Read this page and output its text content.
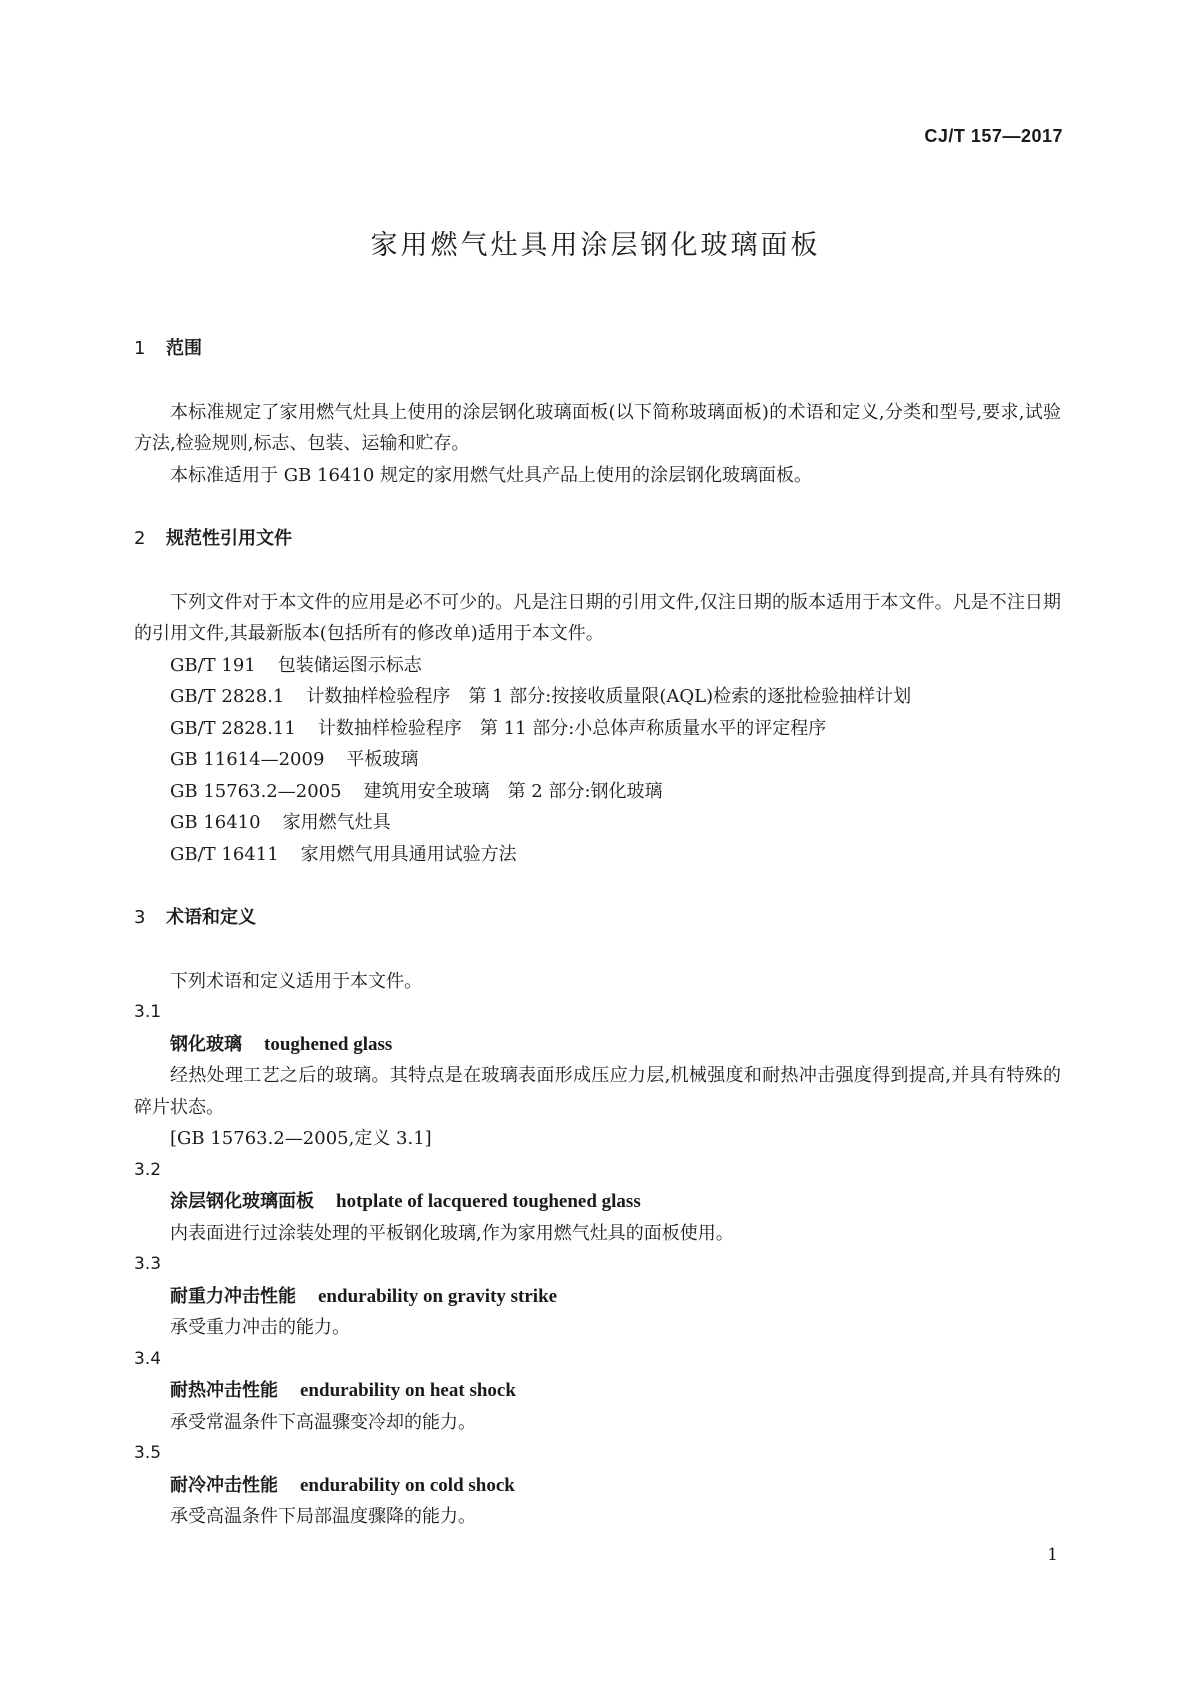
CJ/T 157—2017
家用燃气灶具用涂层钢化玻璃面板
1 范围
本标准规定了家用燃气灶具上使用的涂层钢化玻璃面板(以下简称玻璃面板)的术语和定义,分类和型号,要求,试验方法,检验规则,标志、包装、运输和贮存。
本标准适用于 GB 16410 规定的家用燃气灶具产品上使用的涂层钢化玻璃面板。
2 规范性引用文件
下列文件对于本文件的应用是必不可少的。凡是注日期的引用文件,仅注日期的版本适用于本文件。凡是不注日期的引用文件,其最新版本(包括所有的修改单)适用于本文件。
GB/T 191 包装储运图示标志
GB/T 2828.1 计数抽样检验程序　第 1 部分:按接收质量限(AQL)检索的逐批检验抽样计划
GB/T 2828.11 计数抽样检验程序　第 11 部分:小总体声称质量水平的评定程序
GB 11614—2009 平板玻璃
GB 15763.2—2005 建筑用安全玻璃　第 2 部分:钢化玻璃
GB 16410 家用燃气灶具
GB/T 16411 家用燃气用具通用试验方法
3 术语和定义
下列术语和定义适用于本文件。
3.1
钢化玻璃 toughened glass
经热处理工艺之后的玻璃。其特点是在玻璃表面形成压应力层,机械强度和耐热冲击强度得到提高,并具有特殊的碎片状态。
[GB 15763.2—2005,定义 3.1]
3.2
涂层钢化玻璃面板 hotplate of lacquered toughened glass
内表面进行过涂装处理的平板钢化玻璃,作为家用燃气灶具的面板使用。
3.3
耐重力冲击性能 endurability on gravity strike
承受重力冲击的能力。
3.4
耐热冲击性能 endurability on heat shock
承受常温条件下高温骤变冷却的能力。
3.5
耐冷冲击性能 endurability on cold shock
承受高温条件下局部温度骤降的能力。
1
